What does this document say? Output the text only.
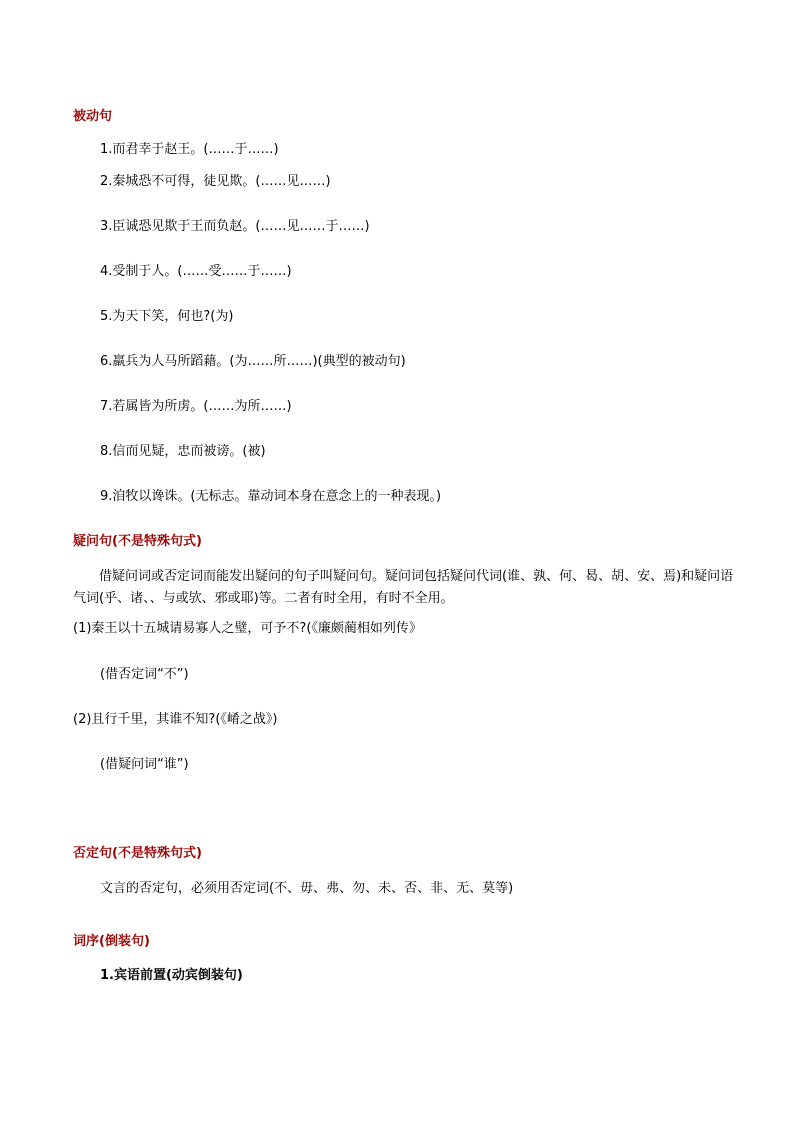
被动句
1.而君幸于赵王。(……于……)
2.秦城恐不可得，徒见欺。(……见……)
3.臣诚恐见欺于王而负赵。(……见……于……)
4.受制于人。(……受……于……)
5.为天下笑，何也?(为)
6.羸兵为人马所蹈藉。(为……所……)(典型的被动句)
7.若属皆为所虏。(……为所……)
8.信而见疑，忠而被谤。(被)
9.洎牧以谗诛。(无标志。靠动词本身在意念上的一种表现。)
疑问句(不是特殊句式)
借疑问词或否定词而能发出疑问的句子叫疑问句。疑问词包括疑问代词(谁、孰、何、曷、胡、安、焉)和疑问语气词(乎、诸、、与或欤、邪或耶)等。二者有时全用，有时不全用。
(1)秦王以十五城请易寡人之璧，可予不?(《廉颇蔺相如列传》
(借否定词“不”)
(2)且行千里，其谁不知?(《崤之战》)
(借疑问词“谁”)
否定句(不是特殊句式)
文言的否定句，必须用否定词(不、毋、弗、勿、未、否、非、无、莫等)
词序(倒装句)
1.宾语前置(动宾倒装句)
